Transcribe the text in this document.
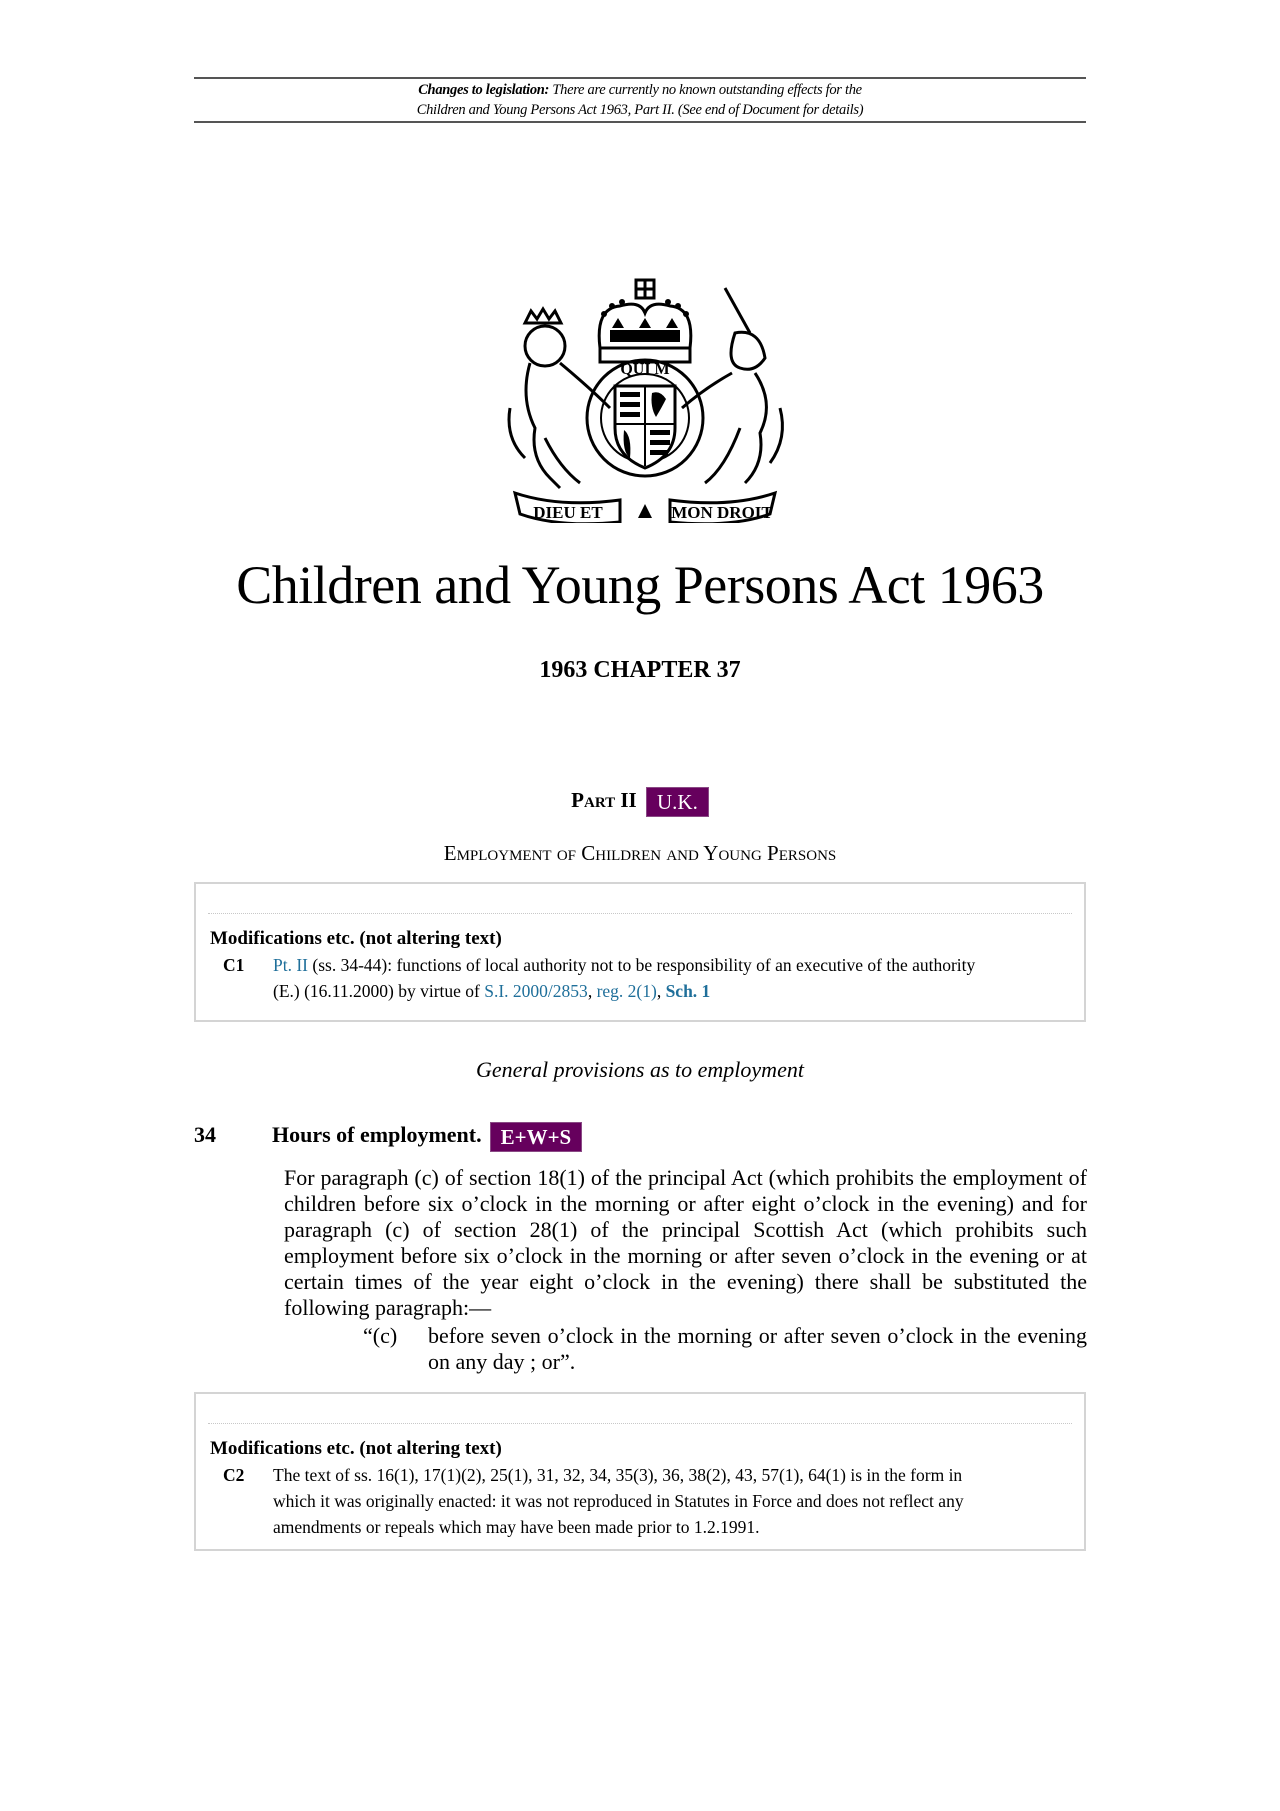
Changes to legislation: There are currently no known outstanding effects for the
Children and Young Persons Act 1963, Part II. (See end of Document for details)
QUI M
DIEU ET	MON DROIT
Children and Young Persons Act 1963
1963 CHAPTER 37
Part II U.K.
Employment of Children and Young Persons
Modifications etc. (not altering text)
C1 Pt. II (ss. 34-44): functions of local authority not to be responsibility of an executive of the authority
(E.) (16.11.2000) by virtue of S.I. 2000/2853, reg. 2(1), Sch. 1
General provisions as to employment
34	Hours of employment. E+W+S
For paragraph (c) of section 18(1) of the principal Act (which prohibits the employment of children before six o’clock in the morning or after eight o’clock in the evening) and for paragraph (c) of section 28(1) of the principal Scottish Act (which prohibits such employment before six o’clock in the morning or after seven o’clock in the evening or at certain times of the year eight o’clock in the evening) there shall be substituted the following paragraph:—
“(c) before seven o’clock in the morning or after seven o’clock in the evening on any day ; or”.
Modifications etc. (not altering text)
C2 The text of ss. 16(1), 17(1)(2), 25(1), 31, 32, 34, 35(3), 36, 38(2), 43, 57(1), 64(1) is in the form in
which it was originally enacted: it was not reproduced in Statutes in Force and does not reflect any
amendments or repeals which may have been made prior to 1.2.1991.
